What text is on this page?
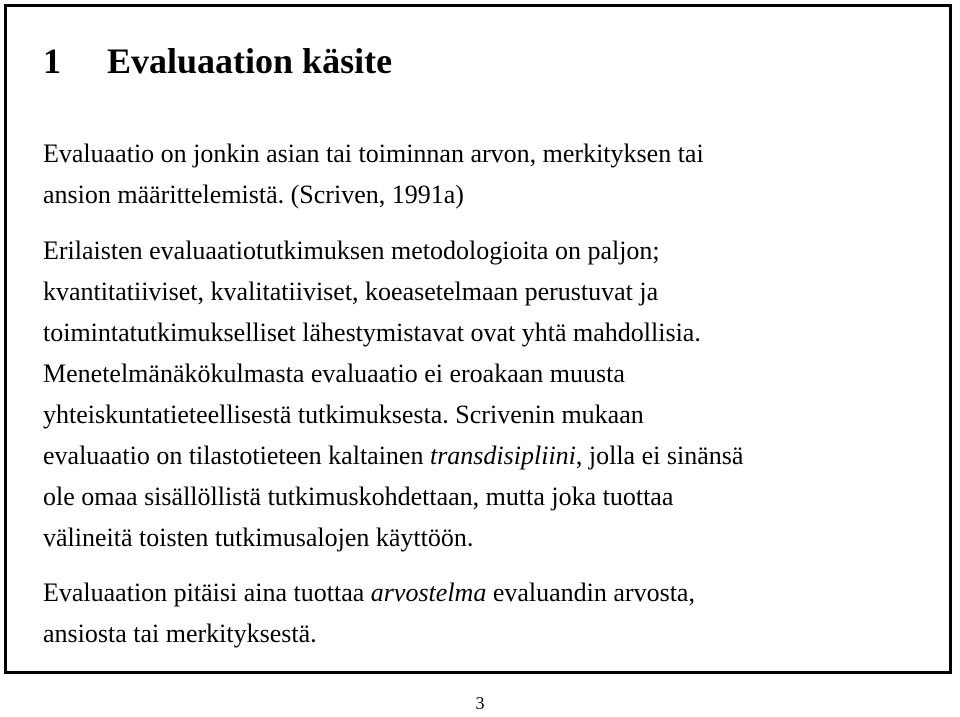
1 Evaluaation käsite

Evaluaatio on jonkin asian tai toiminnan arvon, merkityksen tai
ansion määrittelemistä. (Scriven, 1991a)

Erilaisten evaluaatiotutkimuksen metodologioita on paljon;
kvantitatiiviset, kvalitatiiviset, koeasetelmaan perustuvat ja
toimintatutkimukselliset lähestymistavat ovat yhtä mahdollisia.
Menetelmänäkökulmasta evaluaatio ei eroakaan muusta
yhteiskuntatieteellisestä tutkimuksesta. Scrivenin mukaan
evaluaatio on tilastotieteen kaltainen transdisipliini, jolla ei sinänsä
ole omaa sisällöllistä tutkimuskohdettaan, mutta joka tuottaa
välineitä toisten tutkimusalojen käyttöön.

Evaluaation pitäisi aina tuottaa arvostelma evaluandin arvosta,
ansiosta tai merkityksestä.

3
